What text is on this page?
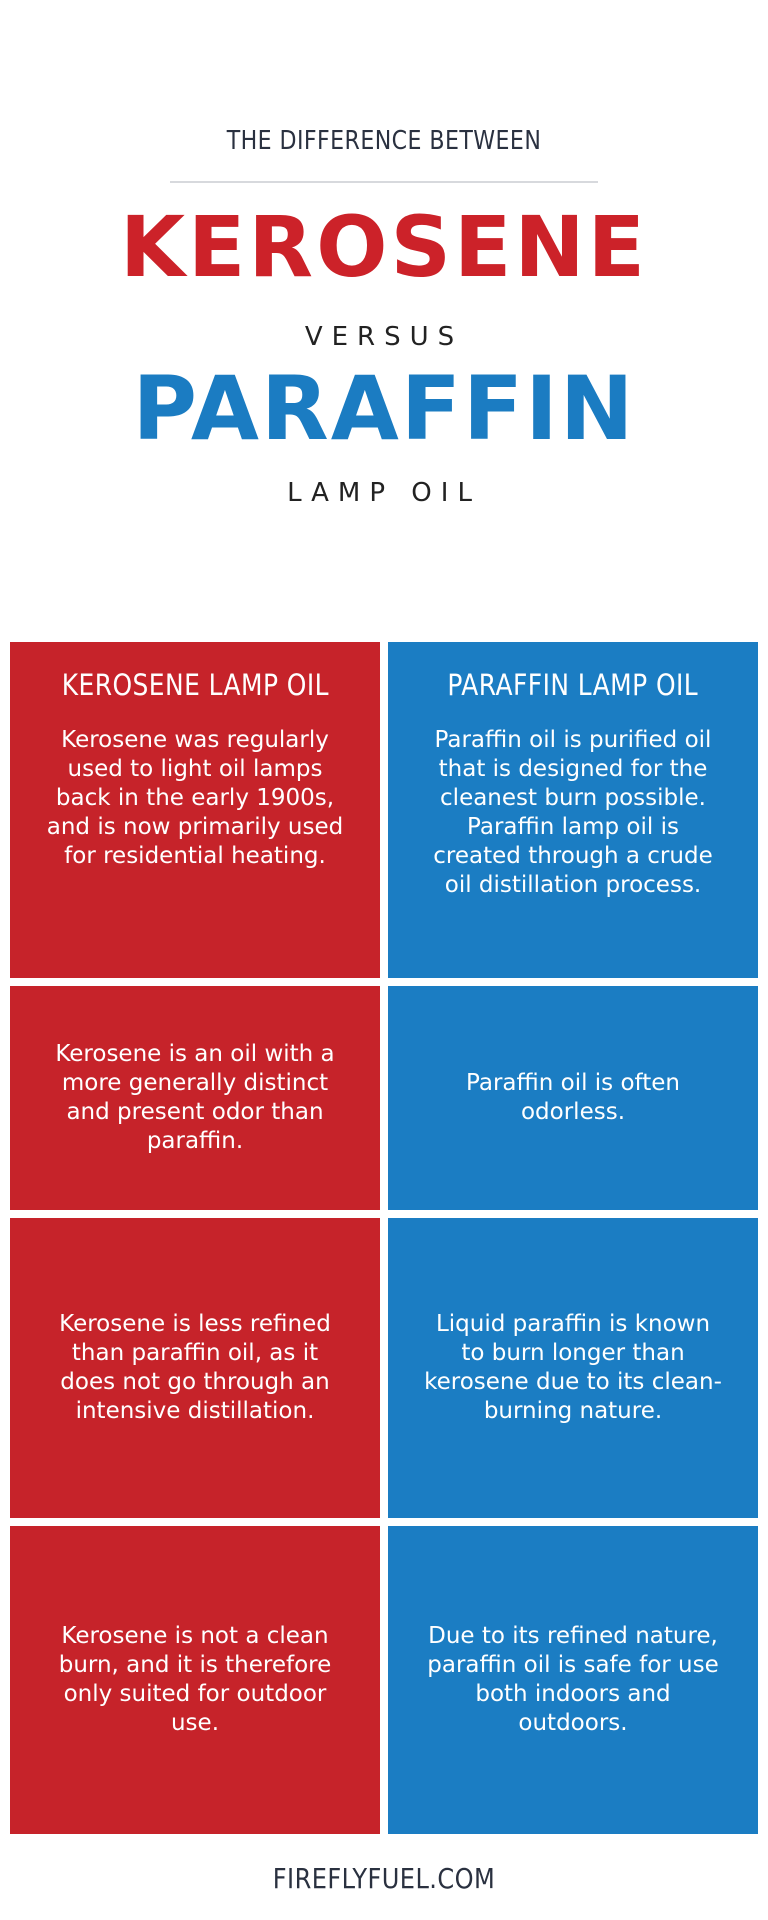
THE DIFFERENCE BETWEEN
KEROSENE
VERSUS
PARAFFIN
LAMP OIL
KEROSENE LAMP OIL
Kerosene was regularly used to light oil lamps back in the early 1900s, and is now primarily used for residential heating.
PARAFFIN LAMP OIL
Paraffin oil is purified oil that is designed for the cleanest burn possible. Paraffin lamp oil is created through a crude oil distillation process.
Kerosene is an oil with a more generally distinct and present odor than paraffin.
Paraffin oil is often odorless.
Kerosene is less refined than paraffin oil, as it does not go through an intensive distillation.
Liquid paraffin is known to burn longer than kerosene due to its clean-burning nature.
Kerosene is not a clean burn, and it is therefore only suited for outdoor use.
Due to its refined nature, paraffin oil is safe for use both indoors and outdoors.
FIREFLYFUEL.COM
